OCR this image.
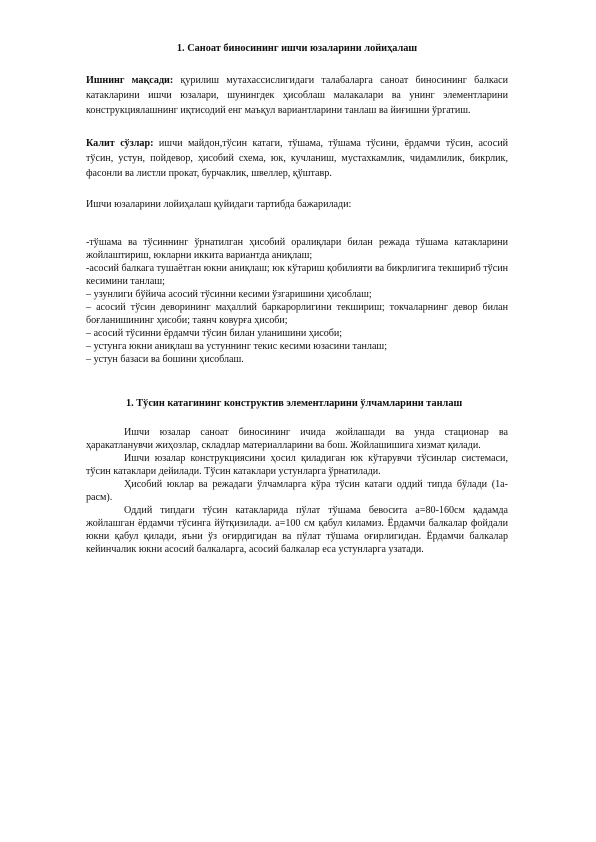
1. Саноат биносининг ишчи юзаларини лойиҳалаш
Ишнинг мақсади: қурилиш мутахассислигидаги талабаларга саноат биносининг балкаси катакларини ишчи юзалари, шунингдек ҳисоблаш малакалари ва унинг элементларини конструкциялашнинг иқтисодий енг маъқул вариантларини танлаш ва йиғишни ўргатиш.
Калит сўзлар: ишчи майдон,тўсин катаги, тўшама, тўшама тўсини, ёрдамчи тўсин, асосий тўсин, устун, пойдевор, ҳисобий схема, юк, кучланиш, мустахкамлик, чидамлилик, бикрлик, фасонли ва листли прокат, бурчаклик, швеллер, қўштавр.
Ишчи юзаларини лойиҳалаш қуйидаги тартибда бажарилади:
-тўшама ва тўсиннинг ўрнатилган ҳисобий оралиқлари билан режада тўшама катакларини жойлаштириш, юкларни иккита вариантда аниқлаш;
-асосий балкага тушаётган юкни аниқлаш; юк кўтариш қобилияти ва бикрлигига текшириб тўсин кесимини танлаш;
– узунлиги бўйича асосий тўсинни кесими ўзгаришини ҳисоблаш;
– асосий тўсин деворининг маҳаллий баркарорлигини текшириш; токчаларнинг девор билан боғланишининг ҳисоби; таянч ковурға ҳисоби;
– асосий тўсинни ёрдамчи тўсин билан уланишини ҳисоби;
– устунга юкни аниқлаш ва устуннинг текис кесими юзасини танлаш;
– устун базаси ва бошини ҳисоблаш.
1. Тўсин катагининг конструктив элементларини ўлчамларини танлаш
Ишчи юзалар саноат биносининг ичида жойлашади ва унда стационар ва ҳаракатланувчи жиҳозлар, складлар материалларини ва бош. Жойлашишига хизмат қилади.
Ишчи юзалар конструкциясини ҳосил қиладиган юк кўтарувчи тўсинлар системаси, тўсин катаклари дейилади. Тўсин катаклари устунларга ўрнатилади.
Ҳисобий юклар ва режадаги ўлчамларга кўра тўсин катаги оддий типда бўлади (1а-расм).
Оддий типдаги тўсин катакларида пўлат тўшама бевосита а=80-160см қадамда жойлашган ёрдамчи тўсинга йўтқизилади. а=100 см қабул киламиз. Ёрдамчи балкалар фойдали юкни қабул қилади, яъни ўз оғирдигидан ва пўлат тўшама оғирлигидан. Ёрдамчи балкалар кейинчалик юкни асосий балкаларга, асосий балкалар еса устунларга узатади.
